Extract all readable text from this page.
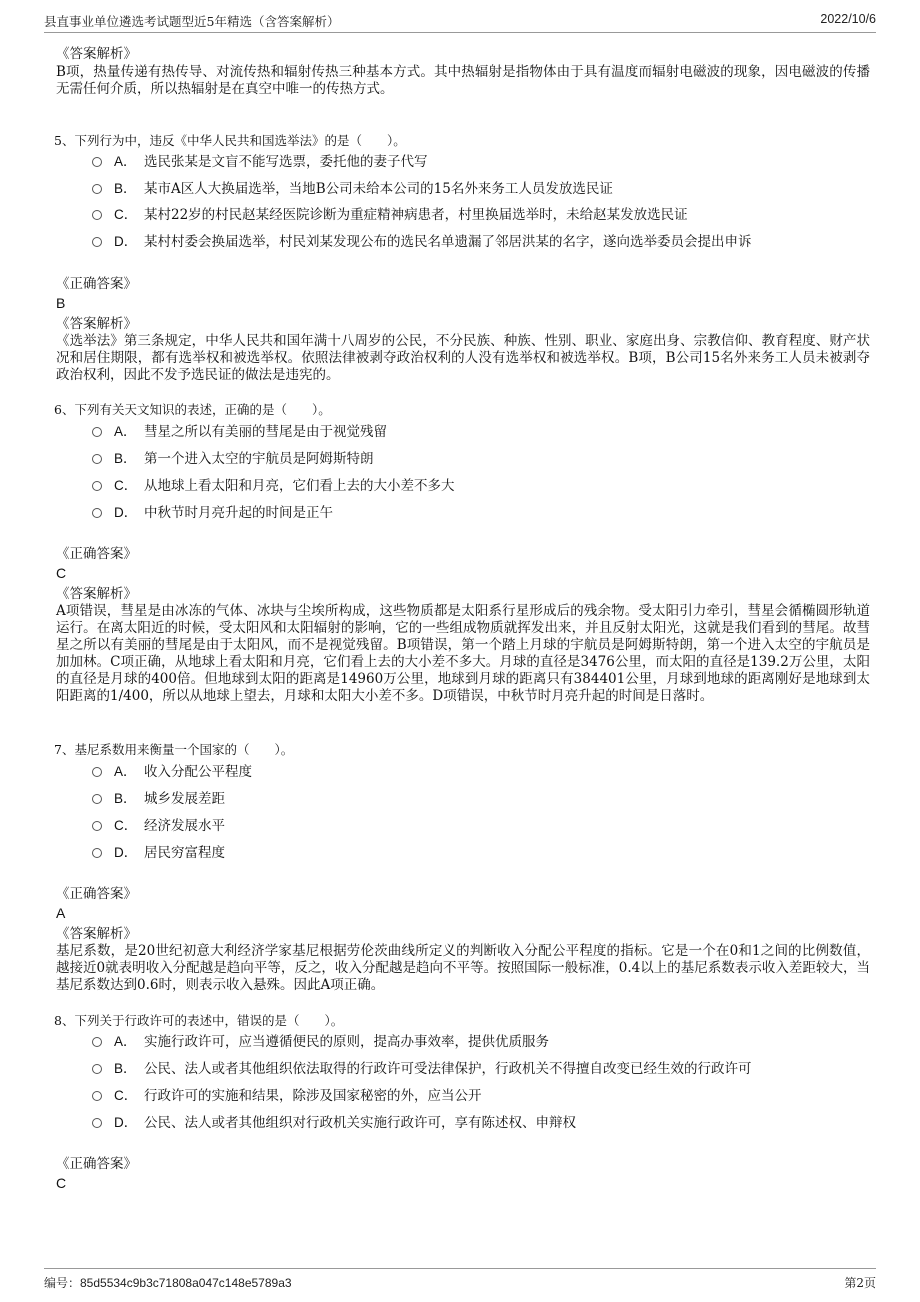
县直事业单位遴选考试题型近5年精选（含答案解析）	2022/10/6
《答案解析》
B项，热量传递有热传导、对流传热和辐射传热三种基本方式。其中热辐射是指物体由于具有温度而辐射电磁波的现象，因电磁波的传播无需任何介质，所以热辐射是在真空中唯一的传热方式。
5、下列行为中，违反《中华人民共和国选举法》的是（　　）。
A． 选民张某是文盲不能写选票，委托他的妻子代写
B． 某市A区人大换届选举，当地B公司未给本公司的15名外来务工人员发放选民证
C． 某村22岁的村民赵某经医院诊断为重症精神病患者，村里换届选举时，未给赵某发放选民证
D． 某村村委会换届选举，村民刘某发现公布的选民名单遗漏了邻居洪某的名字，遂向选举委员会提出申诉
《正确答案》
B
《答案解析》
《选举法》第三条规定，中华人民共和国年满十八周岁的公民，不分民族、种族、性别、职业、家庭出身、宗教信仰、教育程度、财产状况和居住期限，都有选举权和被选举权。依照法律被剥夺政治权利的人没有选举权和被选举权。B项，B公司15名外来务工人员未被剥夺政治权利，因此不发予选民证的做法是违宪的。
6、下列有关天文知识的表述，正确的是（　　）。
A． 彗星之所以有美丽的彗尾是由于视觉残留
B． 第一个进入太空的宇航员是阿姆斯特朗
C． 从地球上看太阳和月亮，它们看上去的大小差不多大
D． 中秋节时月亮升起的时间是正午
《正确答案》
C
《答案解析》
A项错误，彗星是由冰冻的气体、冰块与尘埃所构成，这些物质都是太阳系行星形成后的残余物。受太阳引力牵引，彗星会循椭圆形轨道运行。在离太阳近的时候，受太阳风和太阳辐射的影响，它的一些组成物质就挥发出来，并且反射太阳光，这就是我们看到的彗尾。故彗星之所以有美丽的彗尾是由于太阳风，而不是视觉残留。B项错误，第一个踏上月球的宇航员是阿姆斯特朗，第一个进入太空的宇航员是加加林。C项正确，从地球上看太阳和月亮，它们看上去的大小差不多大。月球的直径是3476公里，而太阳的直径是139.2万公里，太阳的直径是月球的400倍。但地球到太阳的距离是14960万公里，地球到月球的距离只有384401公里，月球到地球的距离刚好是地球到太阳距离的1/400，所以从地球上望去，月球和太阳大小差不多。D项错误，中秋节时月亮升起的时间是日落时。
7、基尼系数用来衡量一个国家的（　　）。
A． 收入分配公平程度
B． 城乡发展差距
C． 经济发展水平
D． 居民穷富程度
《正确答案》
A
《答案解析》
基尼系数，是20世纪初意大利经济学家基尼根据劳伦茨曲线所定义的判断收入分配公平程度的指标。它是一个在0和1之间的比例数值，越接近0就表明收入分配越是趋向平等，反之，收入分配越是趋向不平等。按照国际一般标准，0.4以上的基尼系数表示收入差距较大，当基尼系数达到0.6时，则表示收入悬殊。因此A项正确。
8、下列关于行政许可的表述中，错误的是（　　）。
A． 实施行政许可，应当遵循便民的原则，提高办事效率，提供优质服务
B． 公民、法人或者其他组织依法取得的行政许可受法律保护，行政机关不得擅自改变已经生效的行政许可
C． 行政许可的实施和结果，除涉及国家秘密的外，应当公开
D． 公民、法人或者其他组织对行政机关实施行政许可，享有陈述权、申辩权
《正确答案》
C
编号：85d5534c9b3c71808a047c148e5789a3	第2页
